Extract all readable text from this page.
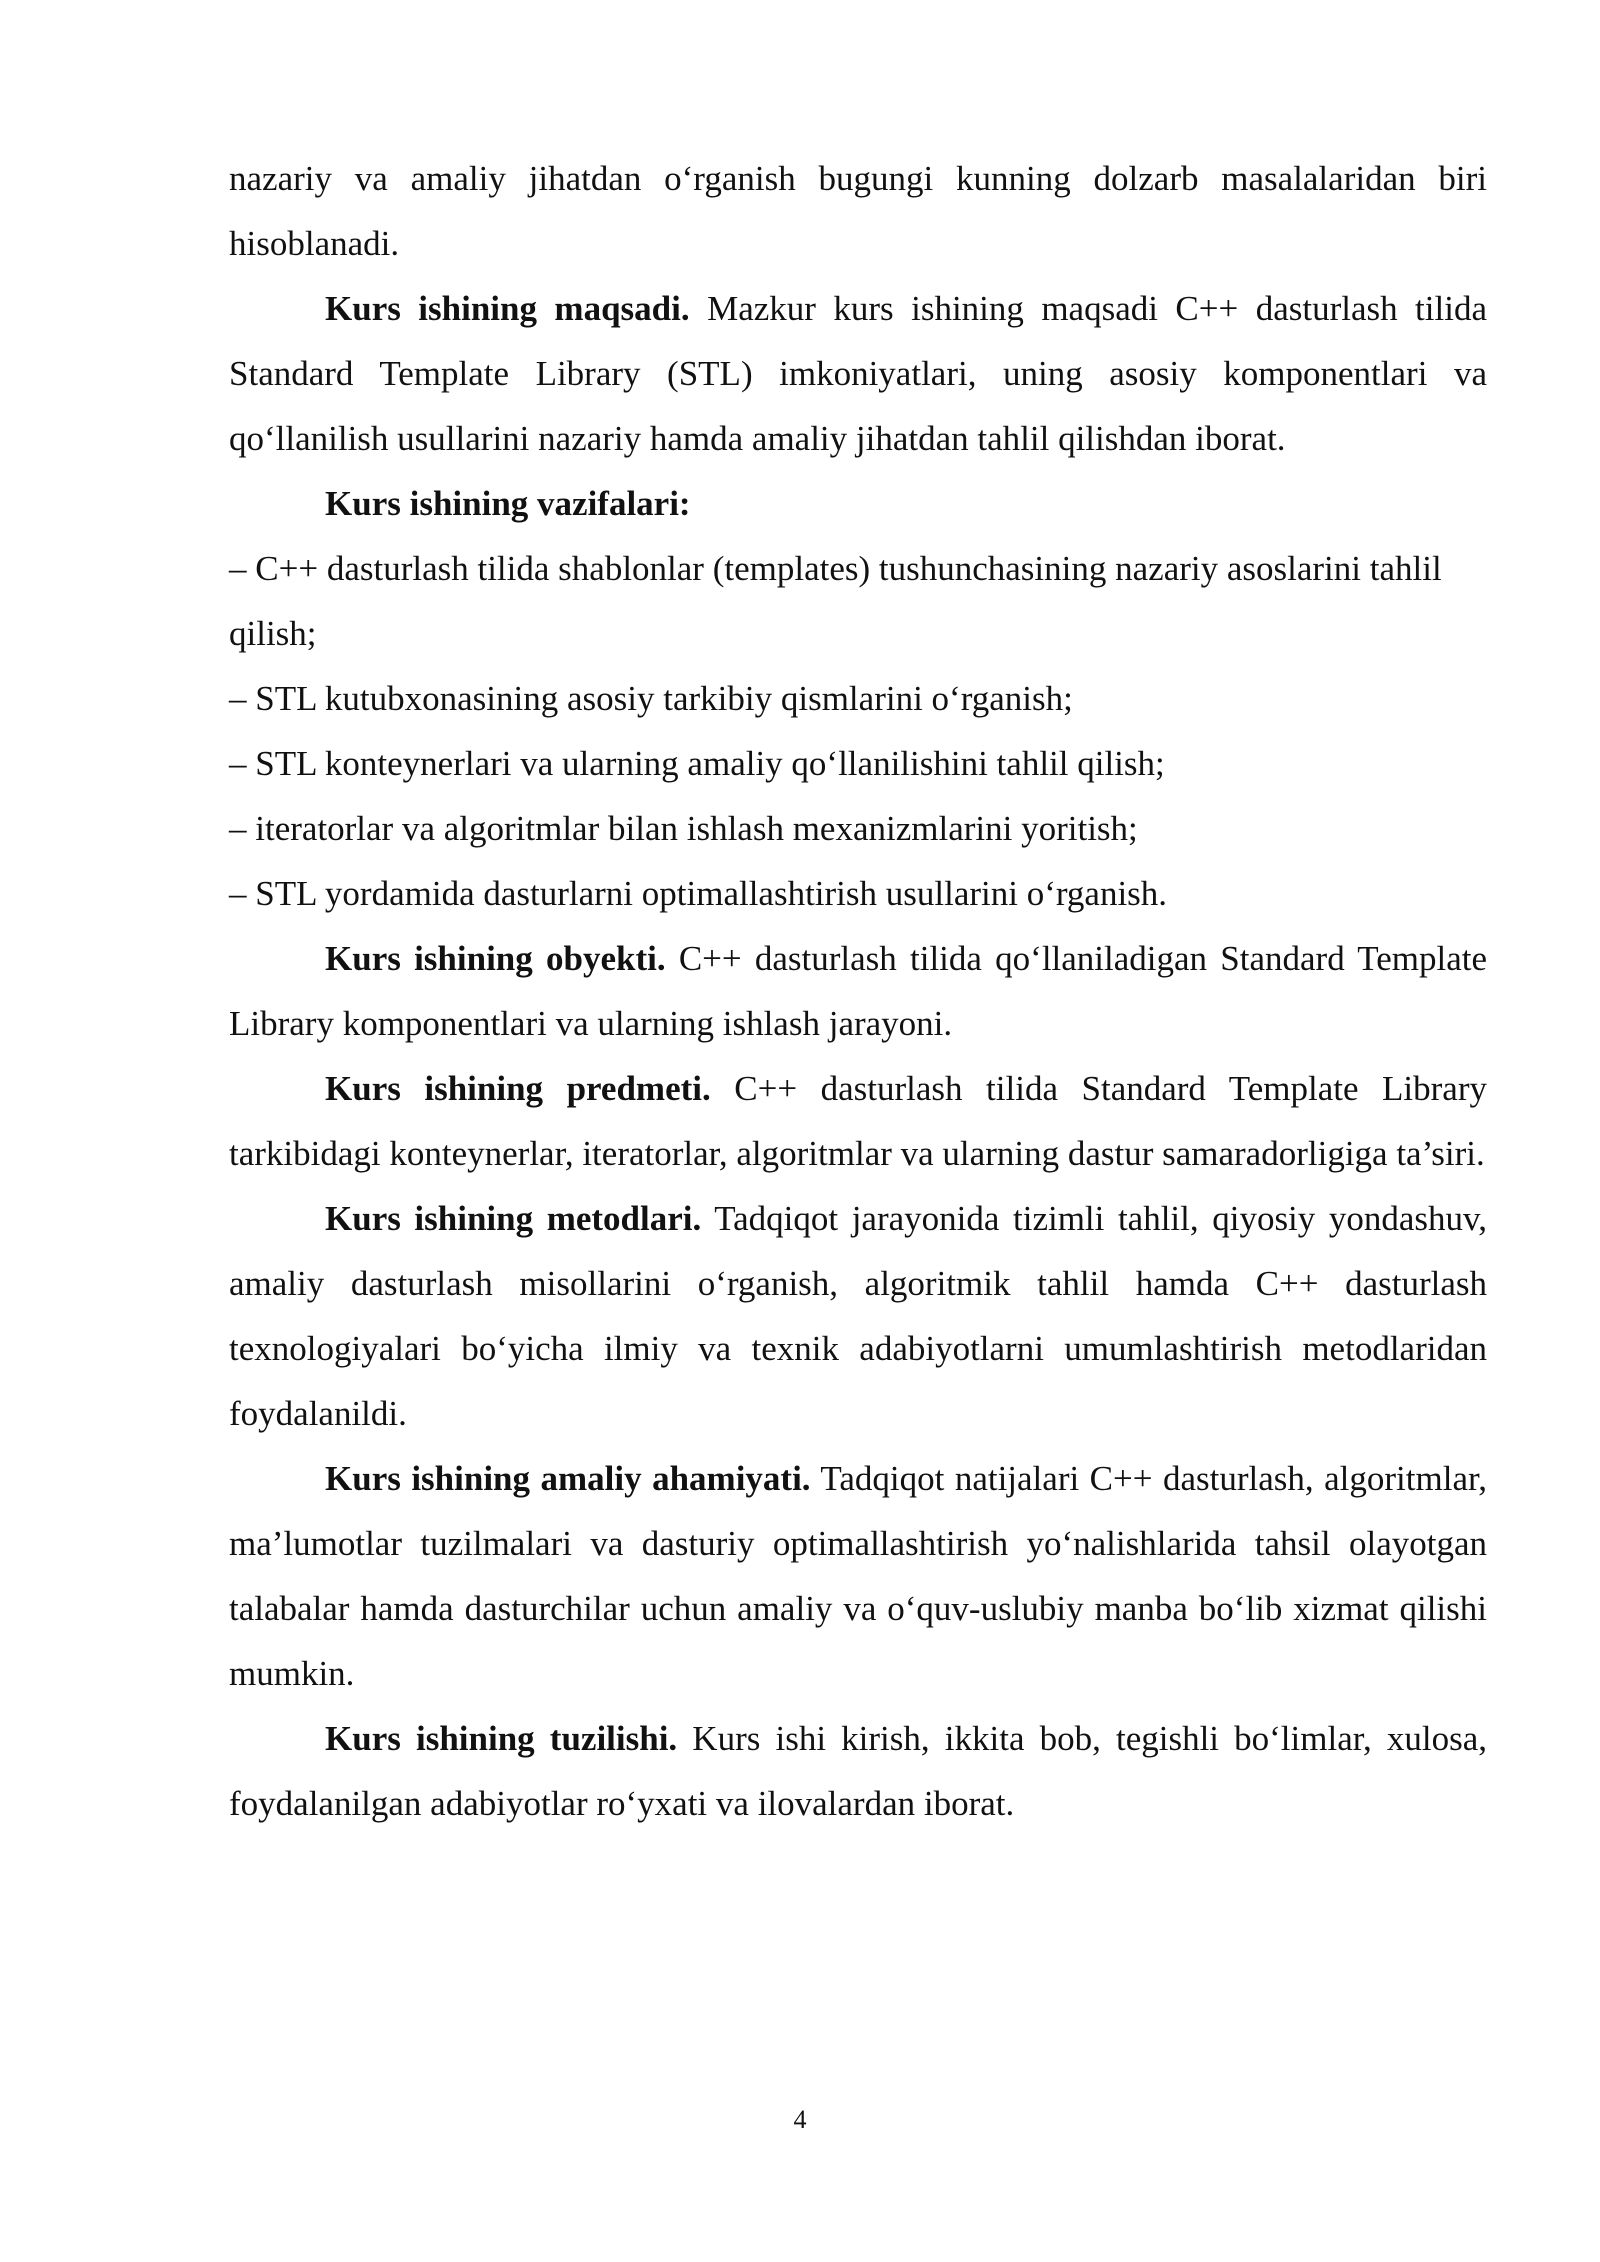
nazariy va amaliy jihatdan o‘rganish bugungi kunning dolzarb masalalaridan biri hisoblanadi.

Kurs ishining maqsadi. Mazkur kurs ishining maqsadi C++ dasturlash tilida Standard Template Library (STL) imkoniyatlari, uning asosiy komponentlari va qo‘llanilish usullarini nazariy hamda amaliy jihatdan tahlil qilishdan iborat.

Kurs ishining vazifalari:

– C++ dasturlash tilida shablonlar (templates) tushunchasining nazariy asoslarini tahlil qilish;

– STL kutubxonasining asosiy tarkibiy qismlarini o‘rganish;

– STL konteynerlari va ularning amaliy qo‘llanilishini tahlil qilish;

– iteratorlar va algoritmlar bilan ishlash mexanizmlarini yoritish;

– STL yordamida dasturlarni optimallashtirish usullarini o‘rganish.

Kurs ishining obyekti. C++ dasturlash tilida qo‘llaniladigan Standard Template Library komponentlari va ularning ishlash jarayoni.

Kurs ishining predmeti. C++ dasturlash tilida Standard Template Library tarkibidagi konteynerlar, iteratorlar, algoritmlar va ularning dastur samaradorligiga ta’siri.

Kurs ishining metodlari. Tadqiqot jarayonida tizimli tahlil, qiyosiy yondashuv, amaliy dasturlash misollarini o‘rganish, algoritmik tahlil hamda C++ dasturlash texnologiyalari bo‘yicha ilmiy va texnik adabiyotlarni umumlashtirish metodlaridan foydalanildi.

Kurs ishining amaliy ahamiyati. Tadqiqot natijalari C++ dasturlash, algoritmlar, ma’lumotlar tuzilmalari va dasturiy optimallashtirish yo‘nalishlarida tahsil olayotgan talabalar hamda dasturchilar uchun amaliy va o‘quv-uslubiy manba bo‘lib xizmat qilishi mumkin.

Kurs ishining tuzilishi. Kurs ishi kirish, ikkita bob, tegishli bo‘limlar, xulosa, foydalanilgan adabiyotlar ro‘yxati va ilovalardan iborat.

4
